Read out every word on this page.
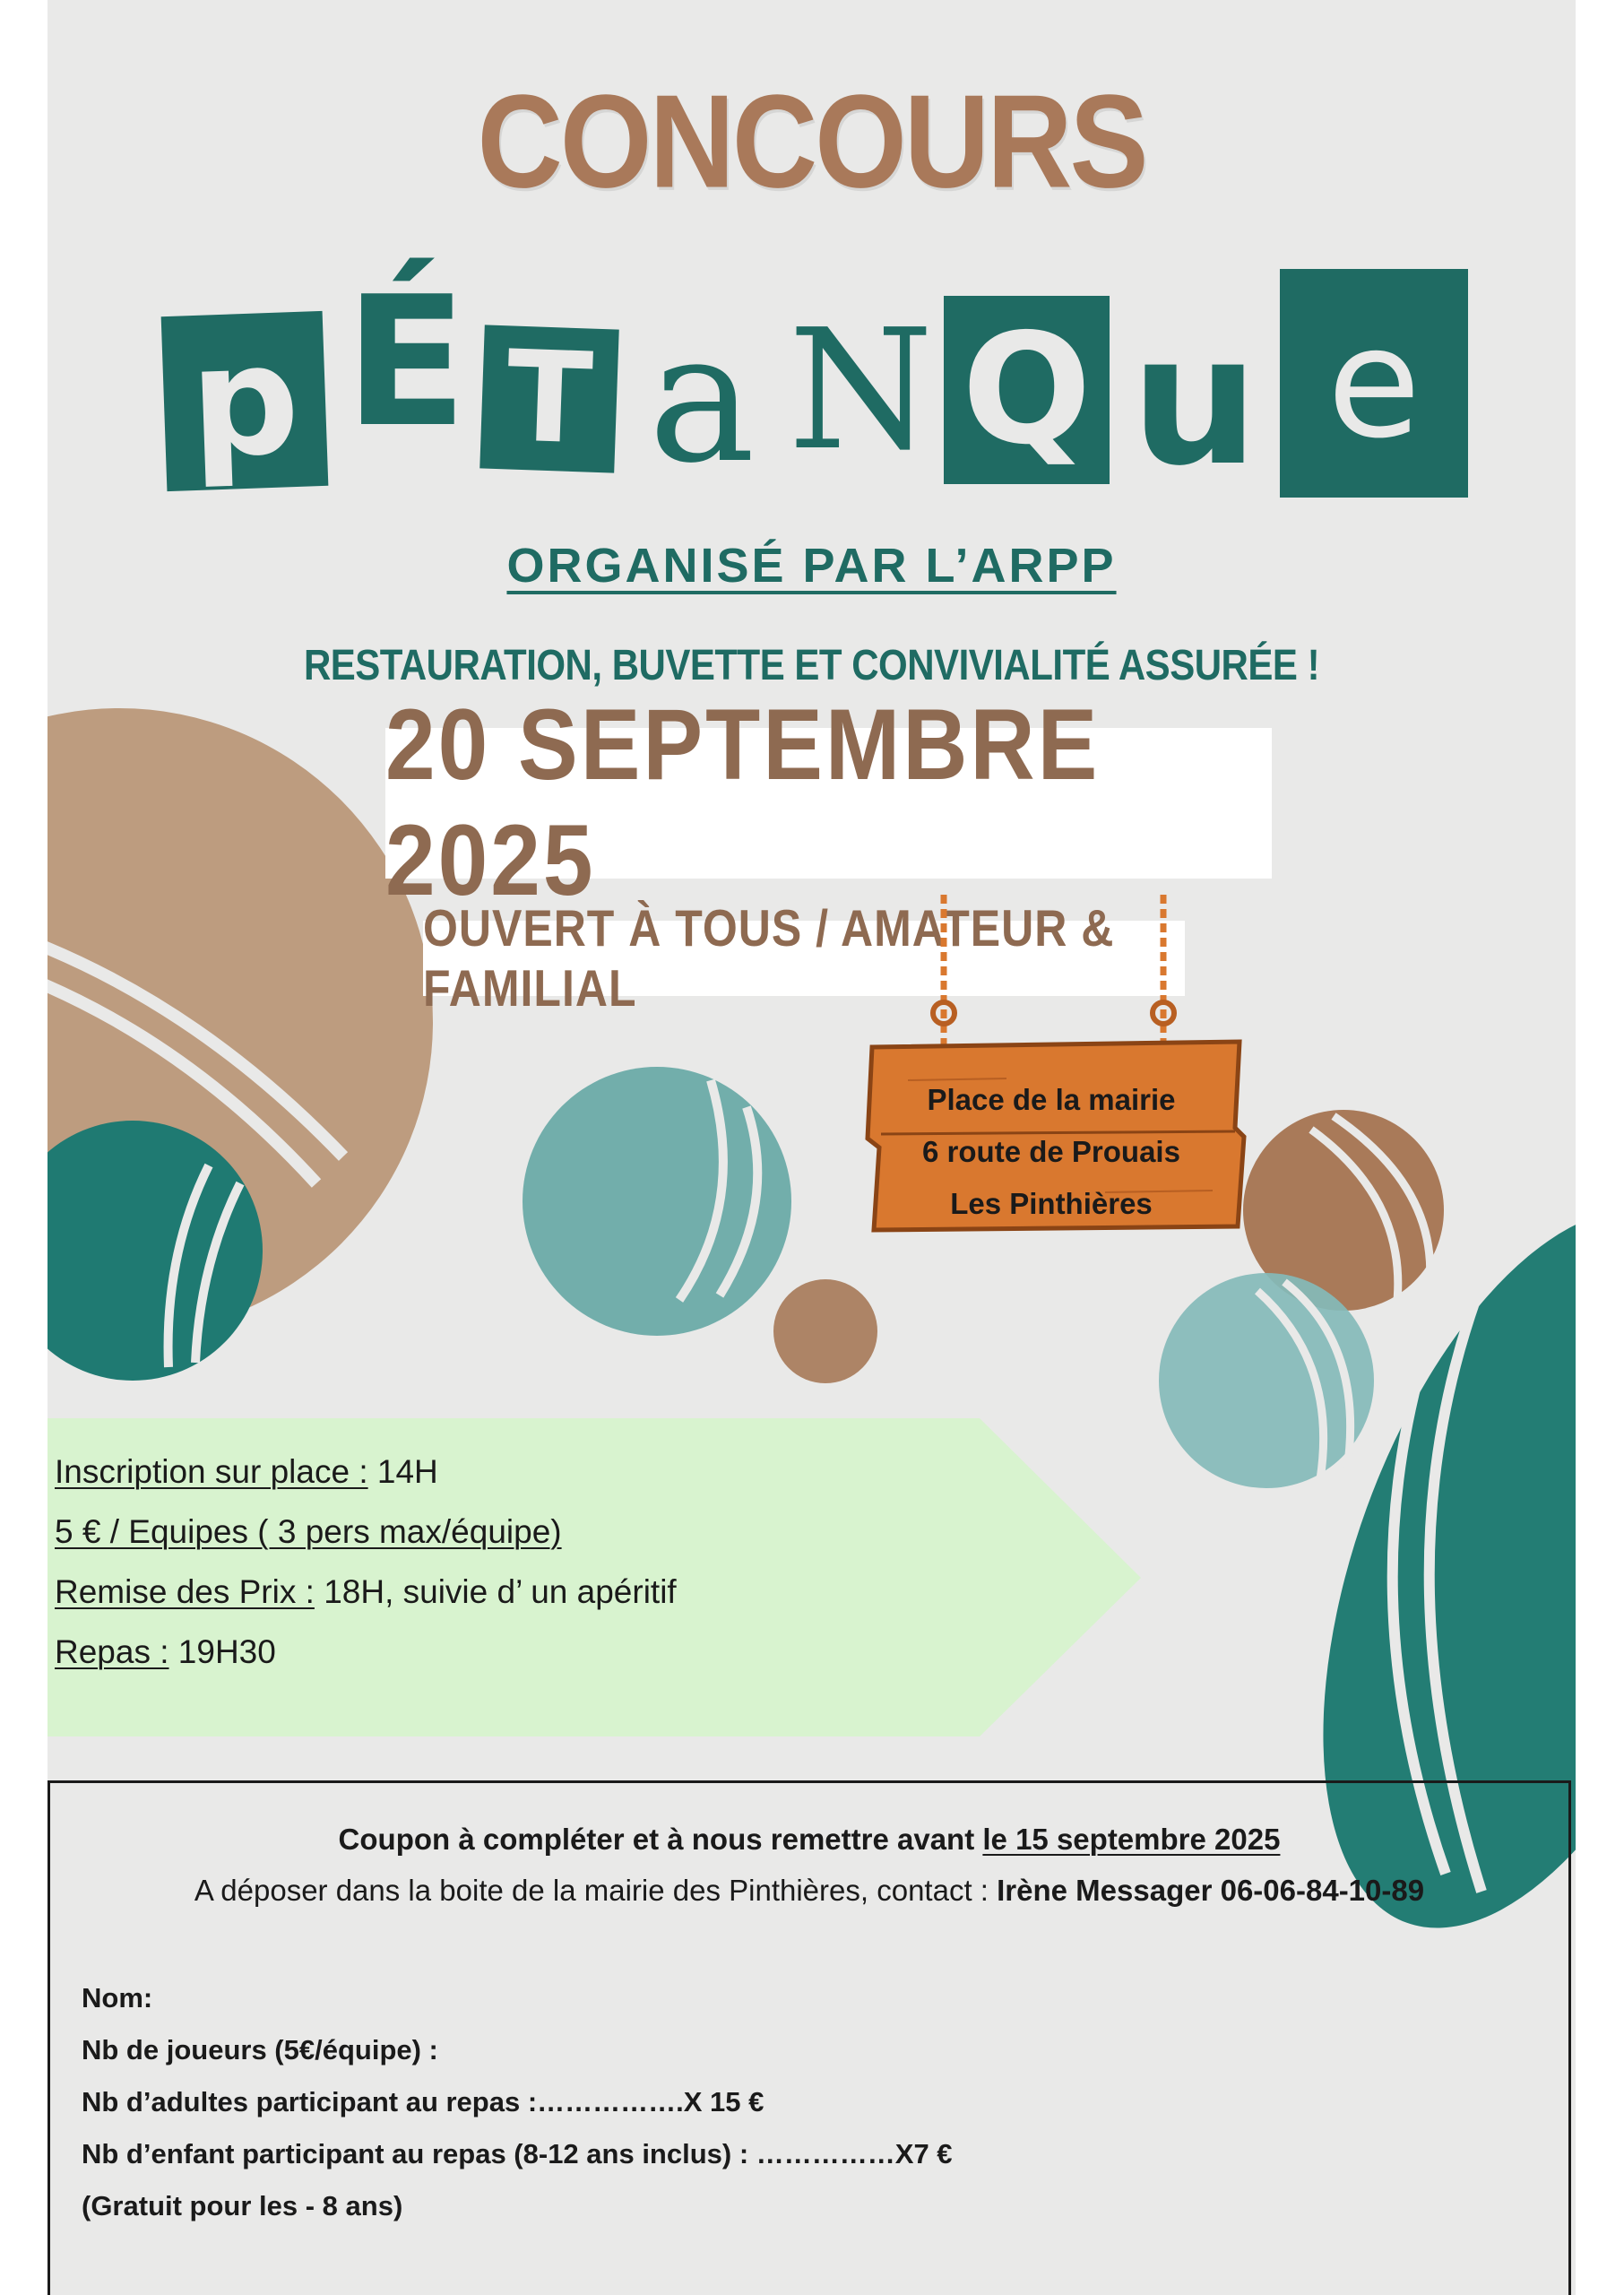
CONCOURS
p É T a N Q u e
ORGANISÉ PAR L’ARPP
RESTAURATION, BUVETTE ET CONVIVIALITÉ ASSURÉE !
20 SEPTEMBRE 2025
OUVERT À TOUS / AMATEUR & FAMILIAL
Place de la mairie
6 route de Prouais
Les Pinthières
Inscription sur place : 14H
5 € / Equipes ( 3 pers max/équipe)
Remise des Prix : 18H, suivie d’ un apéritif
Repas : 19H30
Coupon à compléter et à nous remettre avant le 15 septembre 2025
A déposer dans la boite de la mairie des Pinthières, contact : Irène Messager 06-06-84-10-89
Nom:
Nb de joueurs (5€/équipe) :
Nb d’adultes participant au repas :…………….X 15 €
Nb d’enfant participant au repas (8-12 ans inclus) : ……………X7 €
(Gratuit pour les - 8 ans)
